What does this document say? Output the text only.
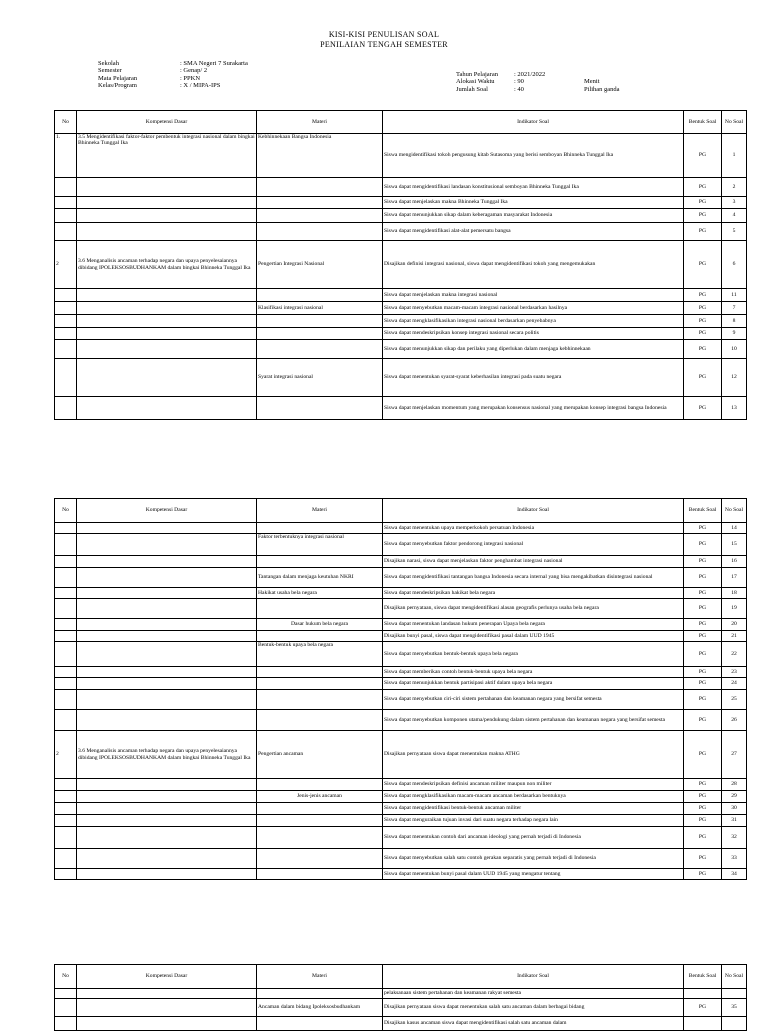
KISI-KISI PENULISAN SOAL
PENILAIAN TENGAH SEMESTER
Sekolah	: SMA Negeri 7 Surakarta
Semester	: Genap/ 2
Mata Pelajaran	: PPKN
Kelas/Program	: X / MIPA-IPS
Tahun Pelajaran : 2021/2022
Alokasi Waktu	: 90	Menit
Jumlah Soal	: 40	Pilihan ganda
No	Kompetensi Dasar	Materi	Indikator Soal	Bentuk Soal	No Soal
1.	3.5 Mengidentifikasi faktor-faktor pembentuk integrasi nasional dalam bingkai Bhinneka Tunggal Ika	Kebhinnekaan Bangsa Indonesia	Siswa mengidentifikasi tokoh pengusung kitab Sutasoma yang berisi semboyan Bhinneka Tunggal Ika	PG	1
			Siswa dapat mengidentifikasi landasan konstitusional semboyan Bhinneka Tunggal Ika	PG	2
			Siswa dapat menjelaskan makna Bhinneka Tunggal Ika	PG	3
			Siswa dapat menunjukkan sikap dalam keberagaman masyarakat Indonesia	PG	4
			Siswa dapat mengidentifikasi alat-alat pemersatu bangsa	PG	5
2	3.6 Menganalisis ancaman terhadap negara dan upaya penyelesaiannya dibidang IPOLEKSOSBUDHANKAM dalam bingkai Bhinneka Tunggal Ika	Pengertian Integrasi Nasional	Disajikan definisi integrasi nasional, siswa dapat mengidentifikasi tokoh yang mengemukakan	PG	6
			Siswa dapat menjelaskan makna integrasi nasional	PG	11
		Klasifikasi integrasi nasional	Siswa dapat menyebutkan macam-macam integrasi nasional berdasarkan hasilnya	PG	7
			Siswa dapat mengklasifikasikan integrasi nasional berdasarkan penyebabnya	PG	8
			Siswa dapat mendeskripsikan konsep integrasi nasional secara politis	PG	9
			Siswa dapat menunjukkan sikap dan perilaku yang diperlukan dalam menjaga kebhinnekaan	PG	10
		Syarat integrasi nasional	Siswa dapat menentukan syarat-syarat keberhasilan integrasi pada suatu negara	PG	12
			Siswa dapat menjelaskan momentum yang merupakan konsensus nasional yang merupakan konsep integrasi bangsa Indonesia	PG	13
No	Kompetensi Dasar	Materi	Indikator Soal	Bentuk Soal	No Soal
			Siswa dapat menentukan upaya memperkokoh persatuan Indonesia	PG	14
		Faktor terbentuknya integrasi nasional	Siswa dapat menyebutkan faktor pendorong integrasi nasional	PG	15
			Disajikan narasi, siswa dapat menjelaskan faktor penghambat integrasi nasional	PG	16
		Tantangan dalam menjaga keutuhan NKRI	Siswa dapat mengidentifikasi tantangan bangsa Indonesia secara internal yang bisa mengakibatkan disintegrasi nasional	PG	17
		Hakikat usaha bela negara	Siswa dapat mendeskripsikan hakikat bela negara	PG	18
			Disajikan pernyataan, siswa dapat mengidentifikasi alasan geografis perlunya usaha bela negara	PG	19
		Dasar hukum bela negara	Siswa dapat menentukan landasan hukum penerapan Upaya bela negara	PG	20
			Disajikan bunyi pasal, siswa dapat mengidentifikasi pasal dalam UUD 1945	PG	21
		Bentuk-bentuk upaya bela negara	Siswa dapat menyebutkan bentuk-bentuk upaya bela negara	PG	22
			Siswa dapat memberikan contoh bentuk-bentuk upaya bela negara	PG	23
			Siswa dapat menunjukkan bentuk partisipasi aktif dalam upaya bela negara	PG	24
			Siswa dapat menyebutkan ciri-ciri sistem pertahanan dan keamanan negara yang bersifat semesta	PG	25
			Siswa dapat menyebutkan komponen utama/pendukung dalam sistem pertahanan dan keamanan negara yang bersifat semesta	PG	26
2	3.6 Menganalisis ancaman terhadap negara dan upaya penyelesaiannya dibidang IPOLEKSOSBUDHANKAM dalam bingkai Bhinneka Tunggal Ika	Pengertian ancaman	Disajikan pernyataan siswa dapat menentukan makna ATHG	PG	27
			Siswa dapat mendeskripsikan definisi ancaman militer maupun non militer	PG	28
		Jenis-jenis ancaman	Siswa dapat mengklasifikasikan macam-macam ancaman berdasarkan bentuknya	PG	29
			Siswa dapat mengidentifikasi bentuk-bentuk ancaman militer	PG	30
			Siswa dapat menguraikan tujuan invasi dari suatu negara terhadap negara lain	PG	31
			Siswa dapat menentukan contoh dari ancaman ideologi yang pernah terjadi di Indonesia	PG	32
			Siswa dapat menyebutkan salah satu contoh gerakan separatis yang pernah terjadi di Indonesia	PG	33
			Siswa dapat menentukan bunyi pasal dalam UUD 1945 yang mengatur tentang	PG	34
No	Kompetensi Dasar	Materi	Indikator Soal	Bentuk Soal	No Soal
			pelaksanaan sistem pertahanan dan keamanan rakyat semesta		
		Ancaman dalam bidang Ipoleksosbudhankam	Disajikan pernyataan siswa dapat menentukan salah satu ancaman dalam berbagai bidang	PG	35
			Disajikan kasus ancaman siswa dapat mengidentifikasi salah satu ancaman dalam		
